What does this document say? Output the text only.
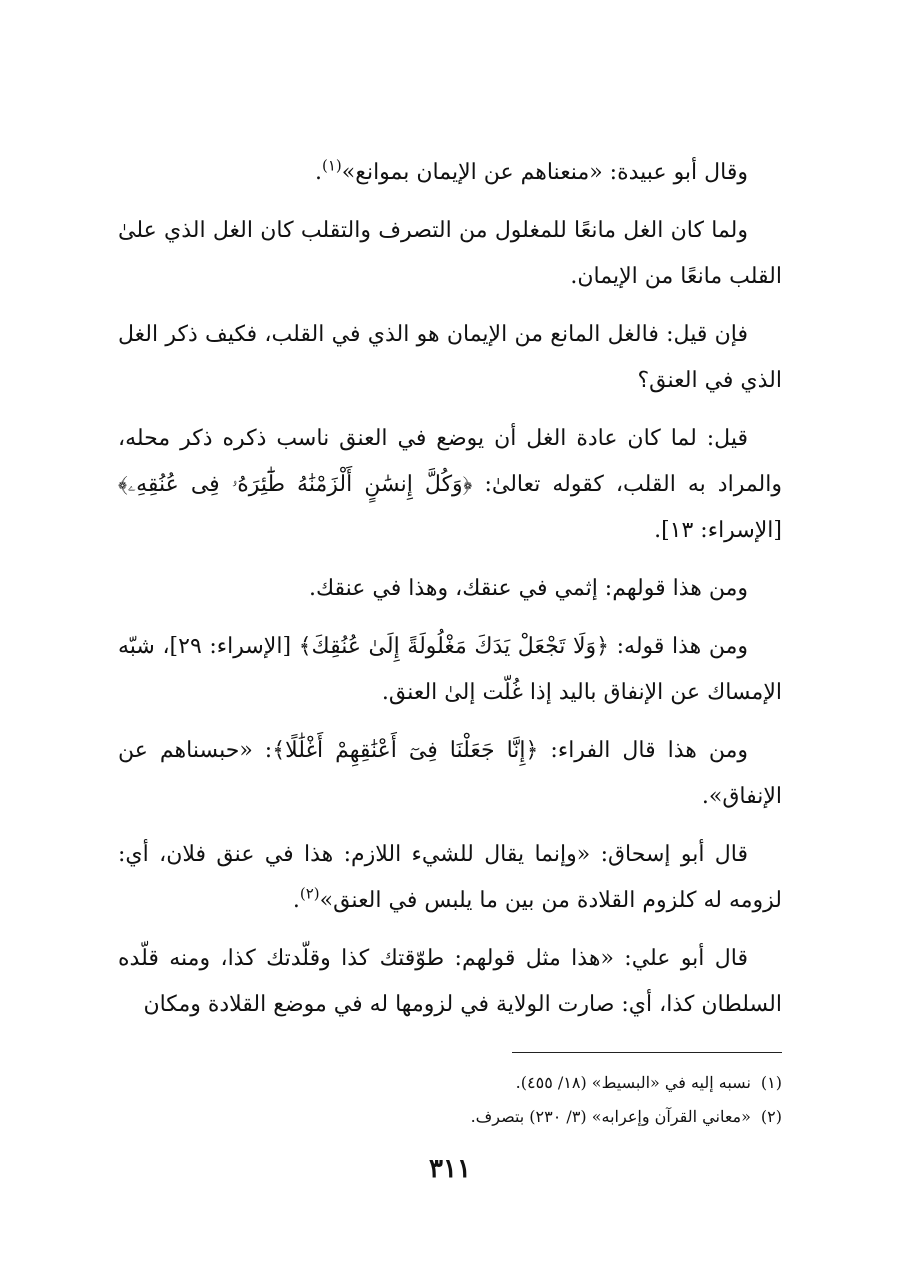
وقال أبو عبيدة: «منعناهم عن الإيمان بموانع»$^{(١)}$.

ولما كان الغل مانعًا للمغلول من التصرف والتقلب كان الغل الذي علىٰ القلب مانعًا من الإيمان.

فإن قيل: فالغل المانع من الإيمان هو الذي في القلب، فكيف ذكر الغل الذي في العنق؟

قيل: لما كان عادة الغل أن يوضع في العنق ناسب ذكره ذكر محله، والمراد به القلب، كقوله تعالىٰ: ﴿وَكُلَّ إِنسَٰنٍ أَلْزَمْنَٰهُ طَٰٓئِرَهُۥ فِى عُنُقِهِۦ﴾ [الإسراء: ١٣].

ومن هذا قولهم: إثمي في عنقك، وهذا في عنقك.

ومن هذا قوله: ﴿وَلَا تَجْعَلْ يَدَكَ مَغْلُولَةً إِلَىٰ عُنُقِكَ﴾ [الإسراء: ٢٩]، شبّه الإمساك عن الإنفاق باليد إذا غُلّت إلىٰ العنق.

ومن هذا قال الفراء: ﴿إِنَّا جَعَلْنَا فِىٓ أَعْنَٰقِهِمْ أَغْلَٰلًا﴾: «حبسناهم عن الإنفاق».

قال أبو إسحاق: «وإنما يقال للشيء اللازم: هذا في عنق فلان، أي: لزومه له كلزوم القلادة من بين ما يلبس في العنق»$^{(٢)}$.

قال أبو علي: «هذا مثل قولهم: طوّقتك كذا وقلّدتك كذا، ومنه قلّده السلطان كذا، أي: صارت الولاية في لزومها له في موضع القلادة ومكان

(١)نسبه إليه في «البسيط» (١٨/ ٤٥٥).

(٢)«معاني القرآن وإعرابه» (٣/ ٢٣٠) بتصرف.

٣١١
